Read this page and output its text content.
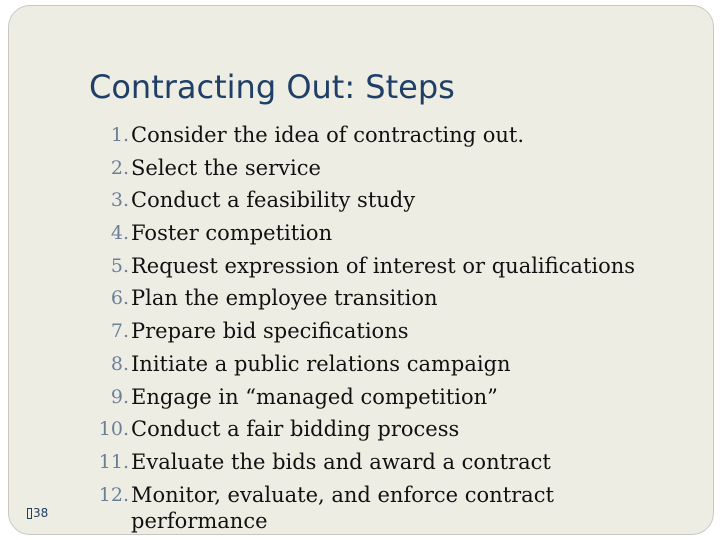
Contracting Out: Steps
1. Consider the idea of contracting out.
2. Select the service
3. Conduct a feasibility study
4. Foster competition
5. Request expression of interest or qualifications
6. Plan the employee transition
7. Prepare bid specifications
8. Initiate a public relations campaign
9. Engage in “managed competition”
10. Conduct a fair bidding process
11. Evaluate the bids and award a contract
12. Monitor, evaluate, and enforce contract
performance
38
